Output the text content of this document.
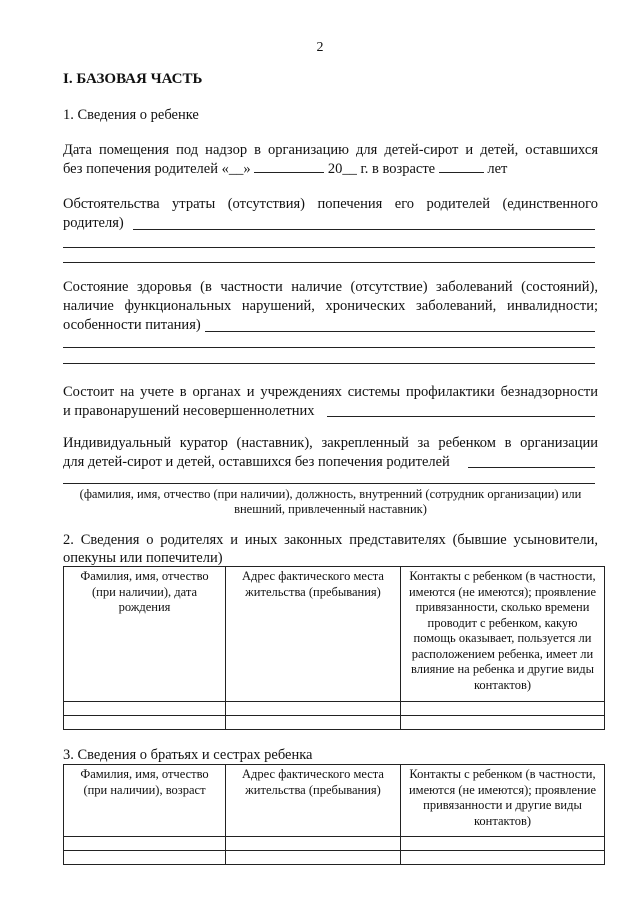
2
I. БАЗОВАЯ ЧАСТЬ
1. Сведения о ребенке
Дата помещения под надзор в организацию для детей-сирот и детей, оставшихся
без попечения родителей «__»	20__ г. в возрасте	лет
Обстоятельства утраты (отсутствия) попечения его родителей (единственного
родителя)
Состояние здоровья (в частности наличие (отсутствие) заболеваний (состояний),
наличие функциональных нарушений, хронических заболеваний, инвалидности;
особенности питания)
Состоит на учете в органах и учреждениях системы профилактики безнадзорности
и правонарушений несовершеннолетних
Индивидуальный куратор (наставник), закрепленный за ребенком в организации
для детей-сирот и детей, оставшихся без попечения родителей
(фамилия, имя, отчество (при наличии), должность, внутренний (сотрудник организации) или
внешний, привлеченный наставник)
2. Сведения о родителях и иных законных представителях (бывшие усыновители,
опекуны или попечители)
Фамилия, имя, отчество (при наличии), дата рождения	Адрес фактического места жительства (пребывания)	Контакты с ребенком (в частности, имеются (не имеются); проявление привязанности, сколько времени проводит с ребенком, какую помощь оказывает, пользуется ли расположением ребенка, имеет ли влияние на ребенка и другие виды контактов)

3. Сведения о братьях и сестрах ребенка
Фамилия, имя, отчество (при наличии), возраст	Адрес фактического места жительства (пребывания)	Контакты с ребенком (в частности, имеются (не имеются); проявление привязанности и другие виды контактов)
